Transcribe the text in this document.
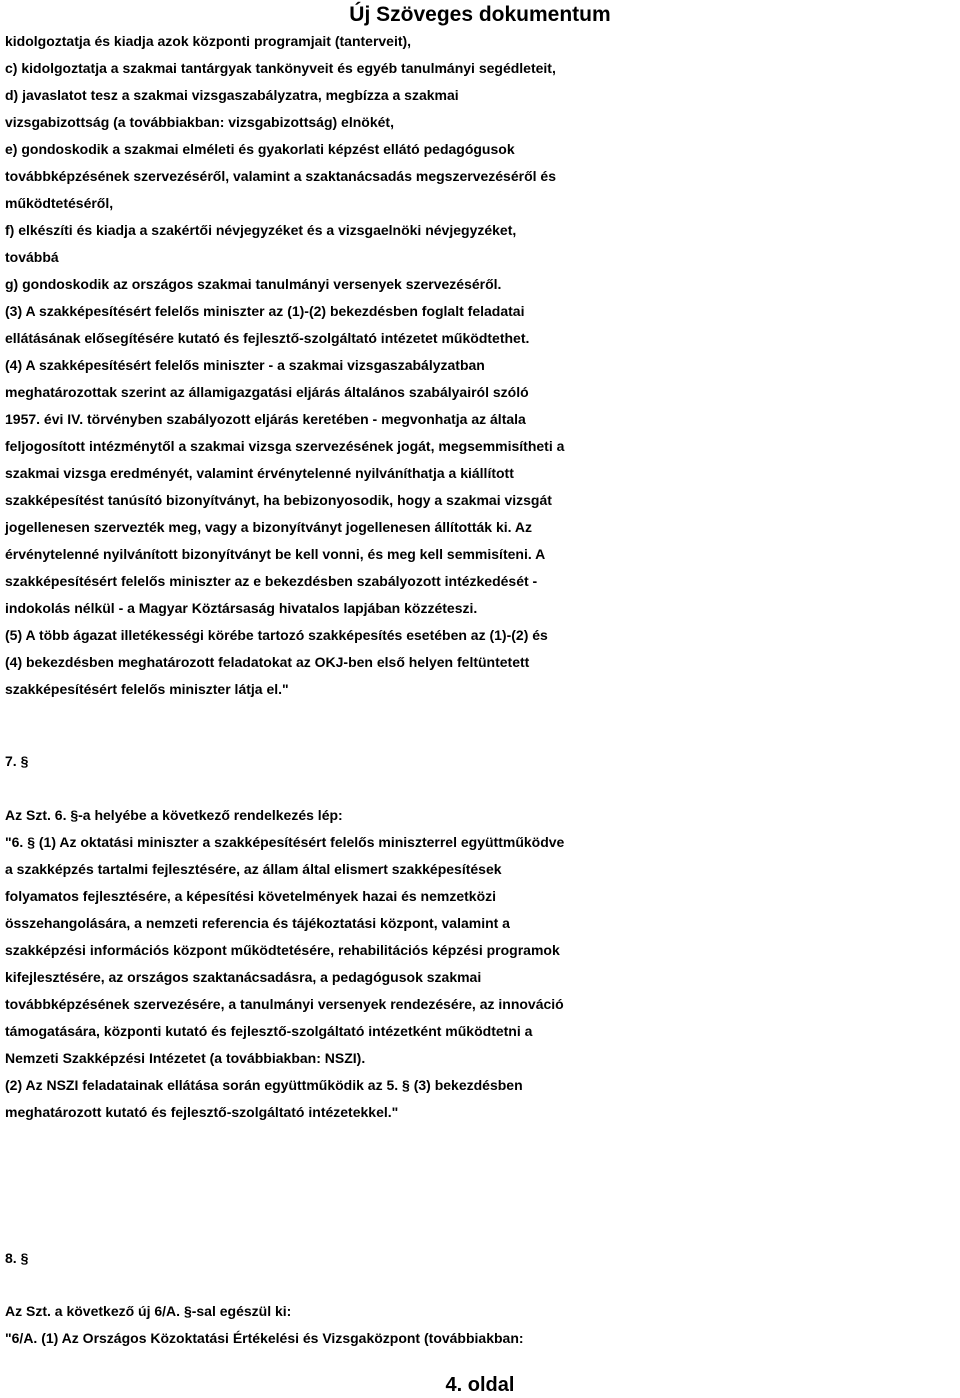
Új Szöveges dokumentum
kidolgoztatja és kiadja azok központi programjait (tanterveit),
c) kidolgoztatja a szakmai tantárgyak tankönyveit és egyéb tanulmányi segédleteit,
d) javaslatot tesz a szakmai vizsgaszabályzatra, megbízza a szakmai
vizsgabizottság (a továbbiakban: vizsgabizottság) elnökét,
e) gondoskodik a szakmai elméleti és gyakorlati képzést ellátó pedagógusok
továbbképzésének szervezéséről, valamint a szaktanácsadás megszervezéséről és
működtetéséről,
f) elkészíti és kiadja a szakértői névjegyzéket és a vizsgaelnöki névjegyzéket,
továbbá
g) gondoskodik az országos szakmai tanulmányi versenyek szervezéséről.
(3) A szakképesítésért felelős miniszter az (1)-(2) bekezdésben foglalt feladatai
ellátásának elősegítésére kutató és fejlesztő-szolgáltató intézetet működtethet.
(4) A szakképesítésért felelős miniszter - a szakmai vizsgaszabályzatban
meghatározottak szerint az államigazgatási eljárás általános szabályairól szóló
1957. évi IV. törvényben szabályozott eljárás keretében - megvonhatja az általa
feljogosított intézménytől a szakmai vizsga szervezésének jogát, megsemmisítheti a
szakmai vizsga eredményét, valamint érvénytelenné nyilváníthatja a kiállított
szakképesítést tanúsító bizonyítványt, ha bebizonyosodik, hogy a szakmai vizsgát
jogellenesen szervezték meg, vagy a bizonyítványt jogellenesen állították ki. Az
érvénytelenné nyilvánított bizonyítványt be kell vonni, és meg kell semmisíteni. A
szakképesítésért felelős miniszter az e bekezdésben szabályozott intézkedését -
indokolás nélkül - a Magyar Köztársaság hivatalos lapjában közzéteszi.
(5) A több ágazat illetékességi körébe tartozó szakképesítés esetében az (1)-(2) és
(4) bekezdésben meghatározott feladatokat az OKJ-ben első helyen feltüntetett
szakképesítésért felelős miniszter látja el."
7. §
Az Szt. 6. §-a helyébe a következő rendelkezés lép:
"6. § (1) Az oktatási miniszter a szakképesítésért felelős miniszterrel együttműködve
a szakképzés tartalmi fejlesztésére, az állam által elismert szakképesítések
folyamatos fejlesztésére, a képesítési követelmények hazai és nemzetközi
összehangolására, a nemzeti referencia és tájékoztatási központ, valamint a
szakképzési információs központ működtetésére, rehabilitációs képzési programok
kifejlesztésére, az országos szaktanácsadásra, a pedagógusok szakmai
továbbképzésének szervezésére, a tanulmányi versenyek rendezésére, az innováció
támogatására, központi kutató és fejlesztő-szolgáltató intézetként működtetni a
Nemzeti Szakképzési Intézetet (a továbbiakban: NSZI).
(2) Az NSZI feladatainak ellátása során együttműködik az 5. § (3) bekezdésben
meghatározott kutató és fejlesztő-szolgáltató intézetekkel."
8. §
Az Szt. a következő új 6/A. §-sal egészül ki:
"6/A. (1) Az Országos Közoktatási Értékelési és Vizsgaközpont (továbbiakban:
4. oldal
